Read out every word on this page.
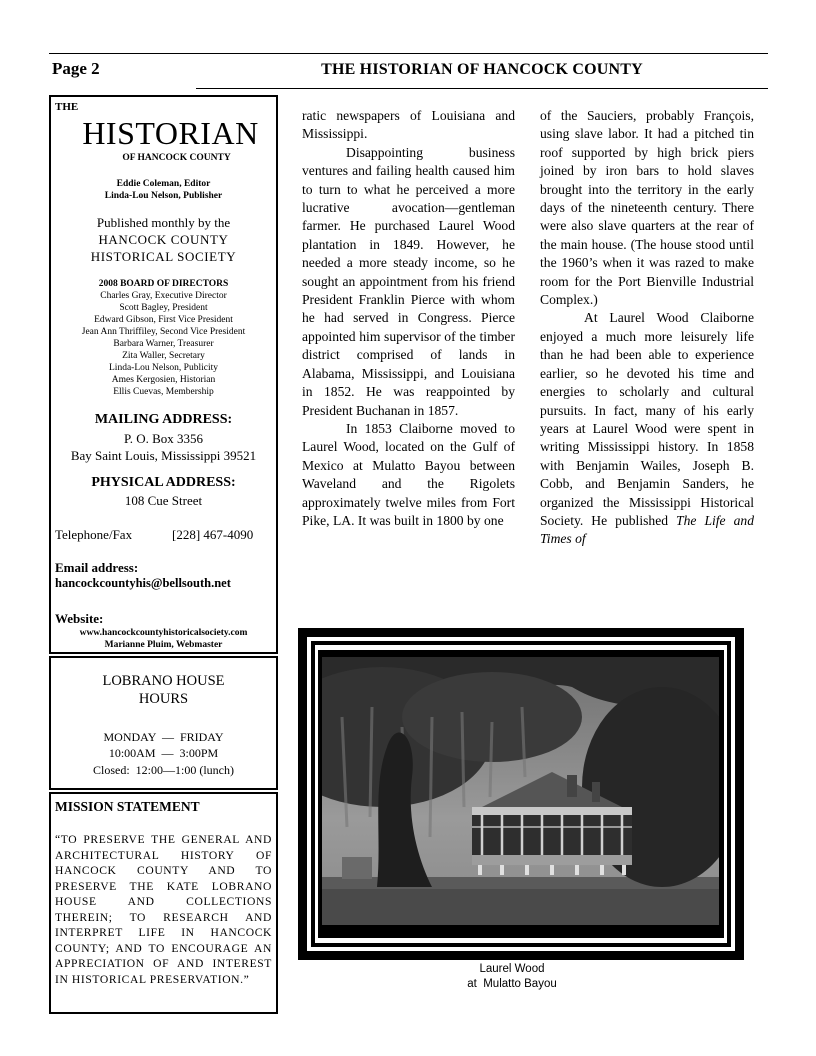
Page 2	THE HISTORIAN OF HANCOCK COUNTY
THE
HISTORIAN
OF HANCOCK COUNTY
Eddie Coleman, Editor
Linda-Lou Nelson, Publisher
Published monthly by the
HANCOCK COUNTY
HISTORICAL SOCIETY
2008 BOARD OF DIRECTORS
Charles Gray, Executive Director
Scott Bagley, President
Edward Gibson, First Vice President
Jean Ann Thriffiley, Second Vice President
Barbara Warner, Treasurer
Zita Waller, Secretary
Linda-Lou Nelson, Publicity
Ames Kergosien, Historian
Ellis Cuevas, Membership
MAILING ADDRESS:
P. O. Box 3356
Bay Saint Louis, Mississippi 39521
PHYSICAL ADDRESS:
108 Cue Street
Telephone/Fax	[228] 467-4090
Email address:
hancockcountyhis@bellsouth.net
Website:
www.hancockcountyhistoricalsociety.com
Marianne Pluim, Webmaster
LOBRANO HOUSE
HOURS
MONDAY  —  FRIDAY
10:00AM  —  3:00PM
Closed:  12:00—1:00 (lunch)
MISSION STATEMENT
“TO PRESERVE THE GENERAL AND ARCHITECTURAL HISTORY OF HANCOCK COUNTY AND TO PRESERVE THE KATE LOBRANO HOUSE AND COLLECTIONS THEREIN; TO RESEARCH AND INTERPRET LIFE IN HANCOCK COUNTY; AND TO ENCOURAGE AN APPRECIATION OF AND INTEREST IN HISTORICAL PRESERVATION.”

ratic newspapers of Louisiana and Mississippi.

Disappointing business ventures and failing health caused him to turn to what he perceived a more lucrative avocation—gentleman farmer. He purchased Laurel Wood plantation in 1849. However, he needed a more steady income, so he sought an appointment from his friend President Franklin Pierce with whom he had served in Congress. Pierce appointed him supervisor of the timber district comprised of lands in Alabama, Mississippi, and Louisiana in 1852. He was reappointed by President Buchanan in 1857.

In 1853 Claiborne moved to Laurel Wood, located on the Gulf of Mexico at Mulatto Bayou between Waveland and the Rigolets approximately twelve miles from Fort Pike, LA. It was built in 1800 by one

of the Sauciers, probably François, using slave labor. It had a pitched tin roof supported by high brick piers joined by iron bars to hold slaves brought into the territory in the early days of the nineteenth century. There were also slave quarters at the rear of the main house. (The house stood until the 1960’s when it was razed to make room for the Port Bienville Industrial Complex.)

At Laurel Wood Claiborne enjoyed a much more leisurely life than he had been able to experience earlier, so he devoted his time and energies to scholarly and cultural pursuits. In fact, many of his early years at Laurel Wood were spent in writing Mississippi history. In 1858 with Benjamin Wailes, Joseph B. Cobb, and Benjamin Sanders, he organized the Mississippi Historical Society. He published The Life and Times of

Laurel Wood
at  Mulatto Bayou
